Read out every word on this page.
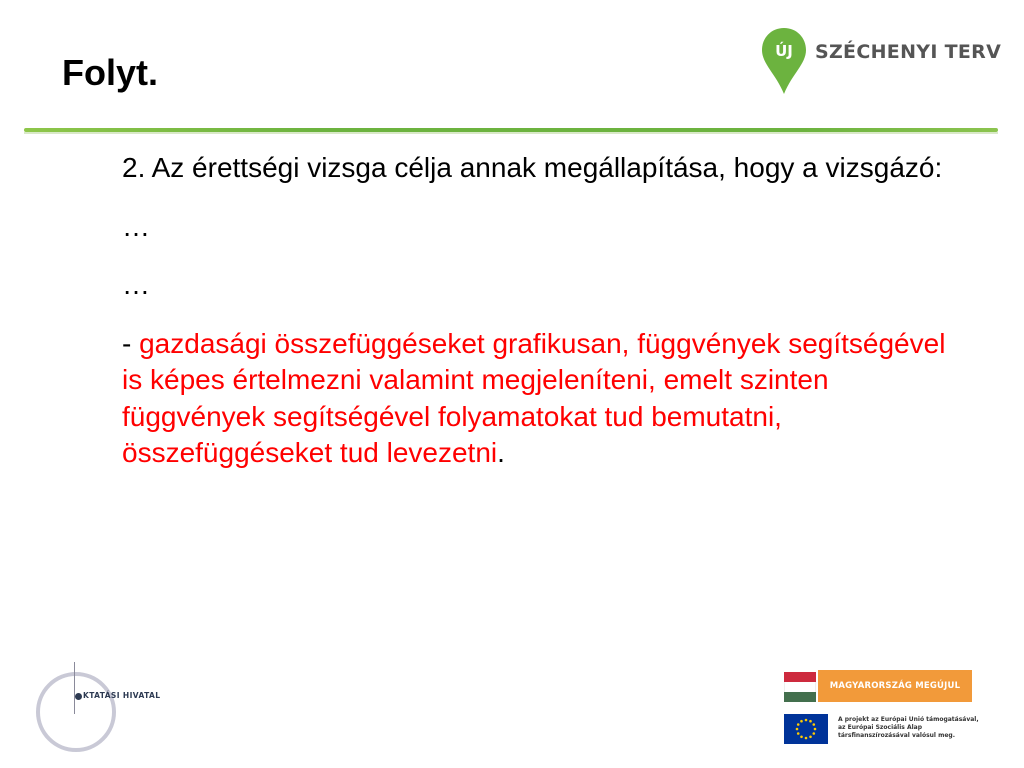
Folyt.
ÚJ SZÉCHENYI TERV

2. Az érettségi vizsga célja annak megállapítása, hogy a vizsgázó:

…

…

- gazdasági összefüggéseket grafikusan, függvények segítségével is képes értelmezni valamint megjeleníteni, emelt szinten függvények segítségével folyamatokat tud bemutatni, összefüggéseket tud levezetni.

KTATÁSI HIVATAL
MAGYARORSZÁG MEGÚJUL
A projekt az Európai Unió támogatásával,
az Európai Szociális Alap
társfinanszírozásával valósul meg.
